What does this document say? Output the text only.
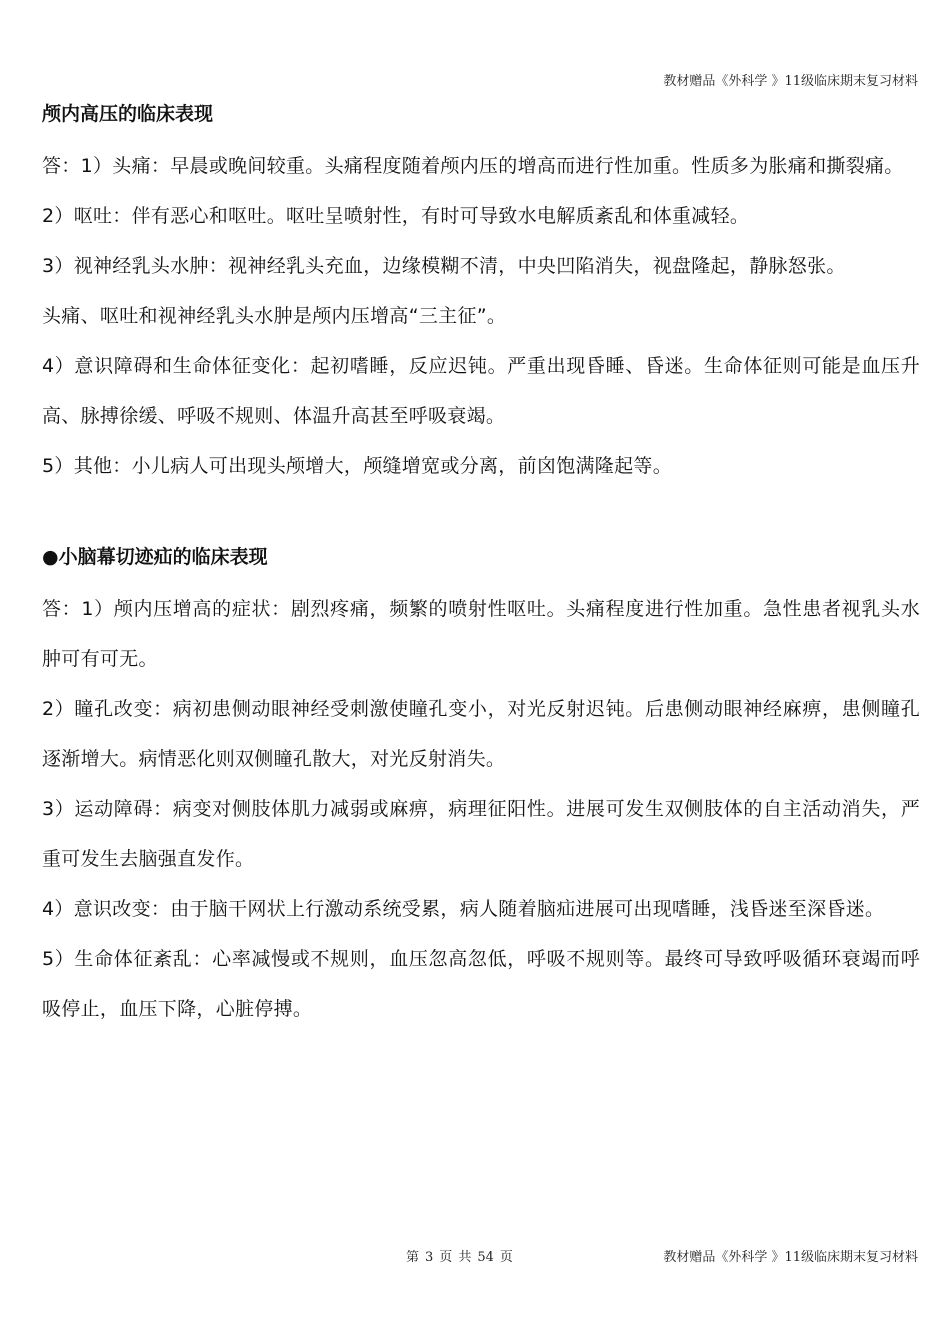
教材赠品《外科学 》11级临床期末复习材料
颅内高压的临床表现

答：1）头痛：早晨或晚间较重。头痛程度随着颅内压的增高而进行性加重。性质多为胀痛和撕裂痛。

2）呕吐：伴有恶心和呕吐。呕吐呈喷射性，有时可导致水电解质紊乱和体重减轻。

3）视神经乳头水肿：视神经乳头充血，边缘模糊不清，中央凹陷消失，视盘隆起，静脉怒张。

头痛、呕吐和视神经乳头水肿是颅内压增高“三主征”。

4）意识障碍和生命体征变化：起初嗜睡，反应迟钝。严重出现昏睡、昏迷。生命体征则可能是血压升高、脉搏徐缓、呼吸不规则、体温升高甚至呼吸衰竭。

5）其他：小儿病人可出现头颅增大，颅缝增宽或分离，前囟饱满隆起等。

●小脑幕切迹疝的临床表现

答：1）颅内压增高的症状：剧烈疼痛，频繁的喷射性呕吐。头痛程度进行性加重。急性患者视乳头水肿可有可无。

2）瞳孔改变：病初患侧动眼神经受刺激使瞳孔变小，对光反射迟钝。后患侧动眼神经麻痹，患侧瞳孔逐渐增大。病情恶化则双侧瞳孔散大，对光反射消失。

3）运动障碍：病变对侧肢体肌力减弱或麻痹，病理征阳性。进展可发生双侧肢体的自主活动消失，严重可发生去脑强直发作。

4）意识改变：由于脑干网状上行激动系统受累，病人随着脑疝进展可出现嗜睡，浅昏迷至深昏迷。

5）生命体征紊乱：心率减慢或不规则，血压忽高忽低，呼吸不规则等。最终可导致呼吸循环衰竭而呼吸停止，血压下降，心脏停搏。

第 3 页 共 54 页	教材赠品《外科学 》11级临床期末复习材料
